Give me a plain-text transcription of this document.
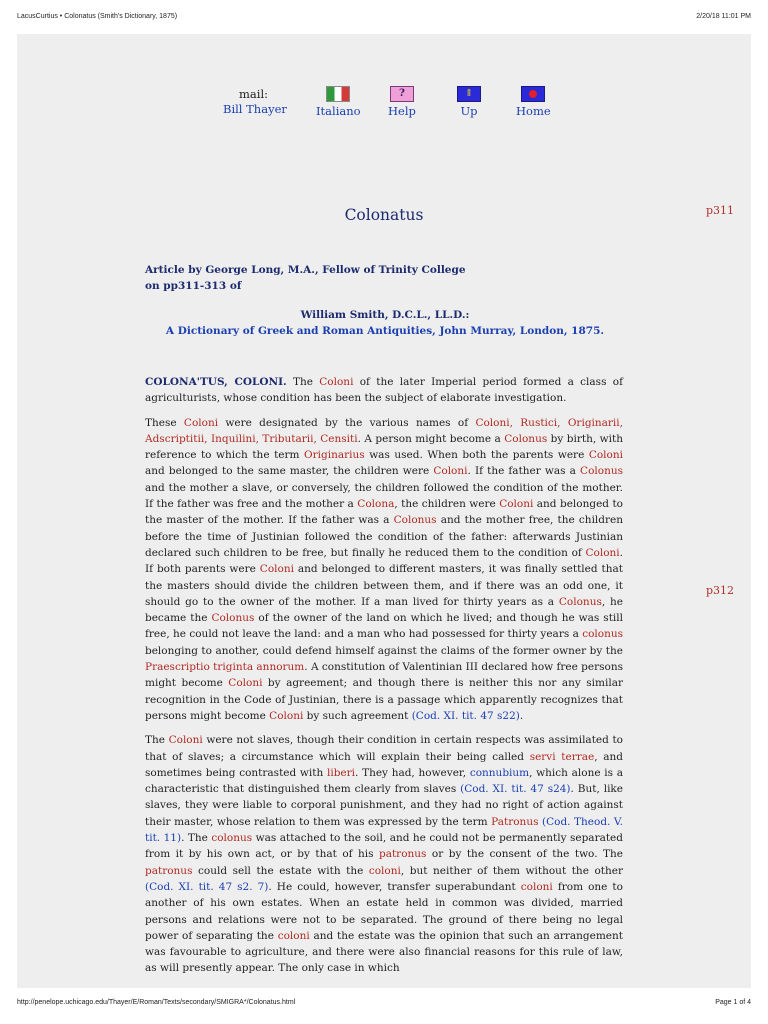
LacusCurtius • Colonatus (Smith's Dictionary, 1875)	2/20/18 11:01 PM
mail:
Bill Thayer	Italiano
?
Help
⇑
Up	Home
Colonatus	p311
p312
Article by George Long, M.A., Fellow of Trinity College
on pp311‑313 of
William Smith, D.C.L., LL.D.:
A Dictionary of Greek and Roman Antiquities, John Murray, London, 1875.

COLONA'TUS, COLONI. The Coloni of the later Imperial period formed a class of agriculturists, whose condition has been the subject of elaborate investigation.

These Coloni were designated by the various names of Coloni, Rustici, Originarii, Adscriptitii, Inquilini, Tributarii, Censiti. A person might become a Colonus by birth, with reference to which the term Originarius was used. When both the parents were Coloni and belonged to the same master, the children were Coloni. If the father was a Colonus and the mother a slave, or conversely, the children followed the condition of the mother. If the father was free and the mother a Colona, the children were Coloni and belonged to the master of the mother. If the father was a Colonus and the mother free, the children before the time of Justinian followed the condition of the father: afterwards Justinian declared such children to be free, but finally he reduced them to the condition of Coloni. If both parents were Coloni and belonged to different masters, it was finally settled that the masters should divide the children between them, and if there was an odd one, it should go to the owner of the mother. If a man lived for thirty years as a Colonus, he became the Colonus of the owner of the land on which he lived; and though he was still free, he could not leave the land: and a man who had possessed for thirty years a colonus belonging to another, could defend himself against the claims of the former owner by the Praescriptio triginta annorum. A constitution of Valentinian III declared how free persons might become Coloni by agreement; and though there is neither this nor any similar recognition in the Code of Justinian, there is a passage which apparently recognizes that persons might become Coloni by such agreement (Cod. XI. tit. 47 s22).

The Coloni were not slaves, though their condition in certain respects was assimilated to that of slaves; a circumstance which will explain their being called servi terrae, and sometimes being contrasted with liberi. They had, however, connubium, which alone is a characteristic that distinguished them clearly from slaves (Cod. XI. tit. 47 s24). But, like slaves, they were liable to corporal punishment, and they had no right of action against their master, whose relation to them was expressed by the term Patronus (Cod. Theod. V. tit. 11). The colonus was attached to the soil, and he could not be permanently separated from it by his own act, or by that of his patronus or by the consent of the two. The patronus could sell the estate with the coloni, but neither of them without the other (Cod. XI. tit. 47 s2. 7). He could, however, transfer superabundant coloni from one to another of his own estates. When an estate held in common was divided, married persons and relations were not to be separated. The ground of there being no legal power of separating the coloni and the estate was the opinion that such an arrangement was favourable to agriculture, and there were also financial reasons for this rule of law, as will presently appear. The only case in which

http://penelope.uchicago.edu/Thayer/E/Roman/Texts/secondary/SMIGRA*/Colonatus.html	Page 1 of 4
